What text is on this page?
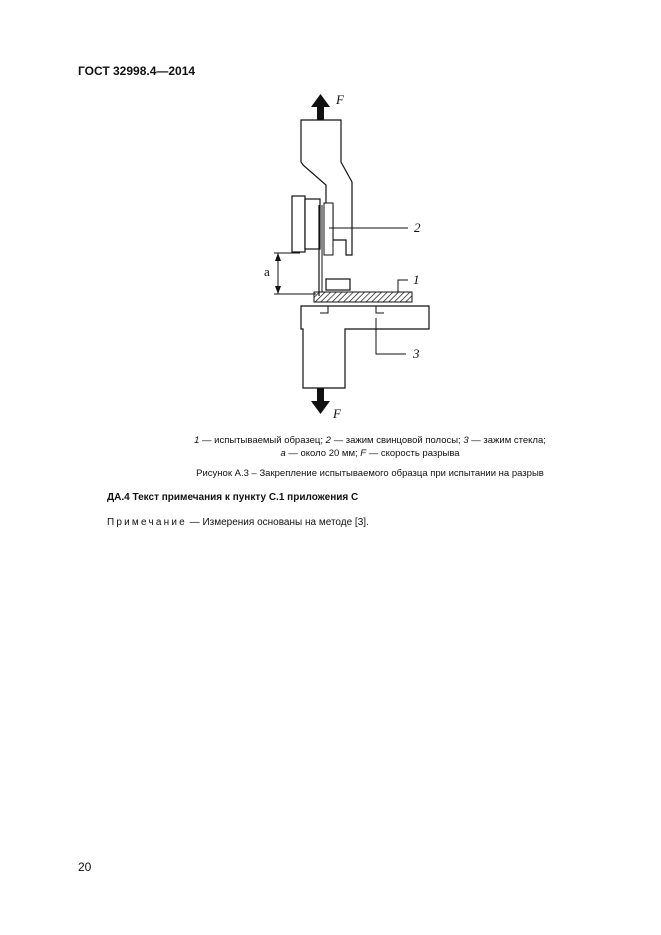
ГОСТ 32998.4—2014
F
F
a
2
1
3
1 — испытываемый образец; 2 — зажим свинцовой полосы; 3 — зажим стекла;
a — около 20 мм; F — скорость разрыва
Рисунок А.3 – Закрепление испытываемого образца при испытании на разрыв
ДА.4 Текст примечания к пункту С.1 приложения С
Примечание — Измерения основаны на методе [3].
20
